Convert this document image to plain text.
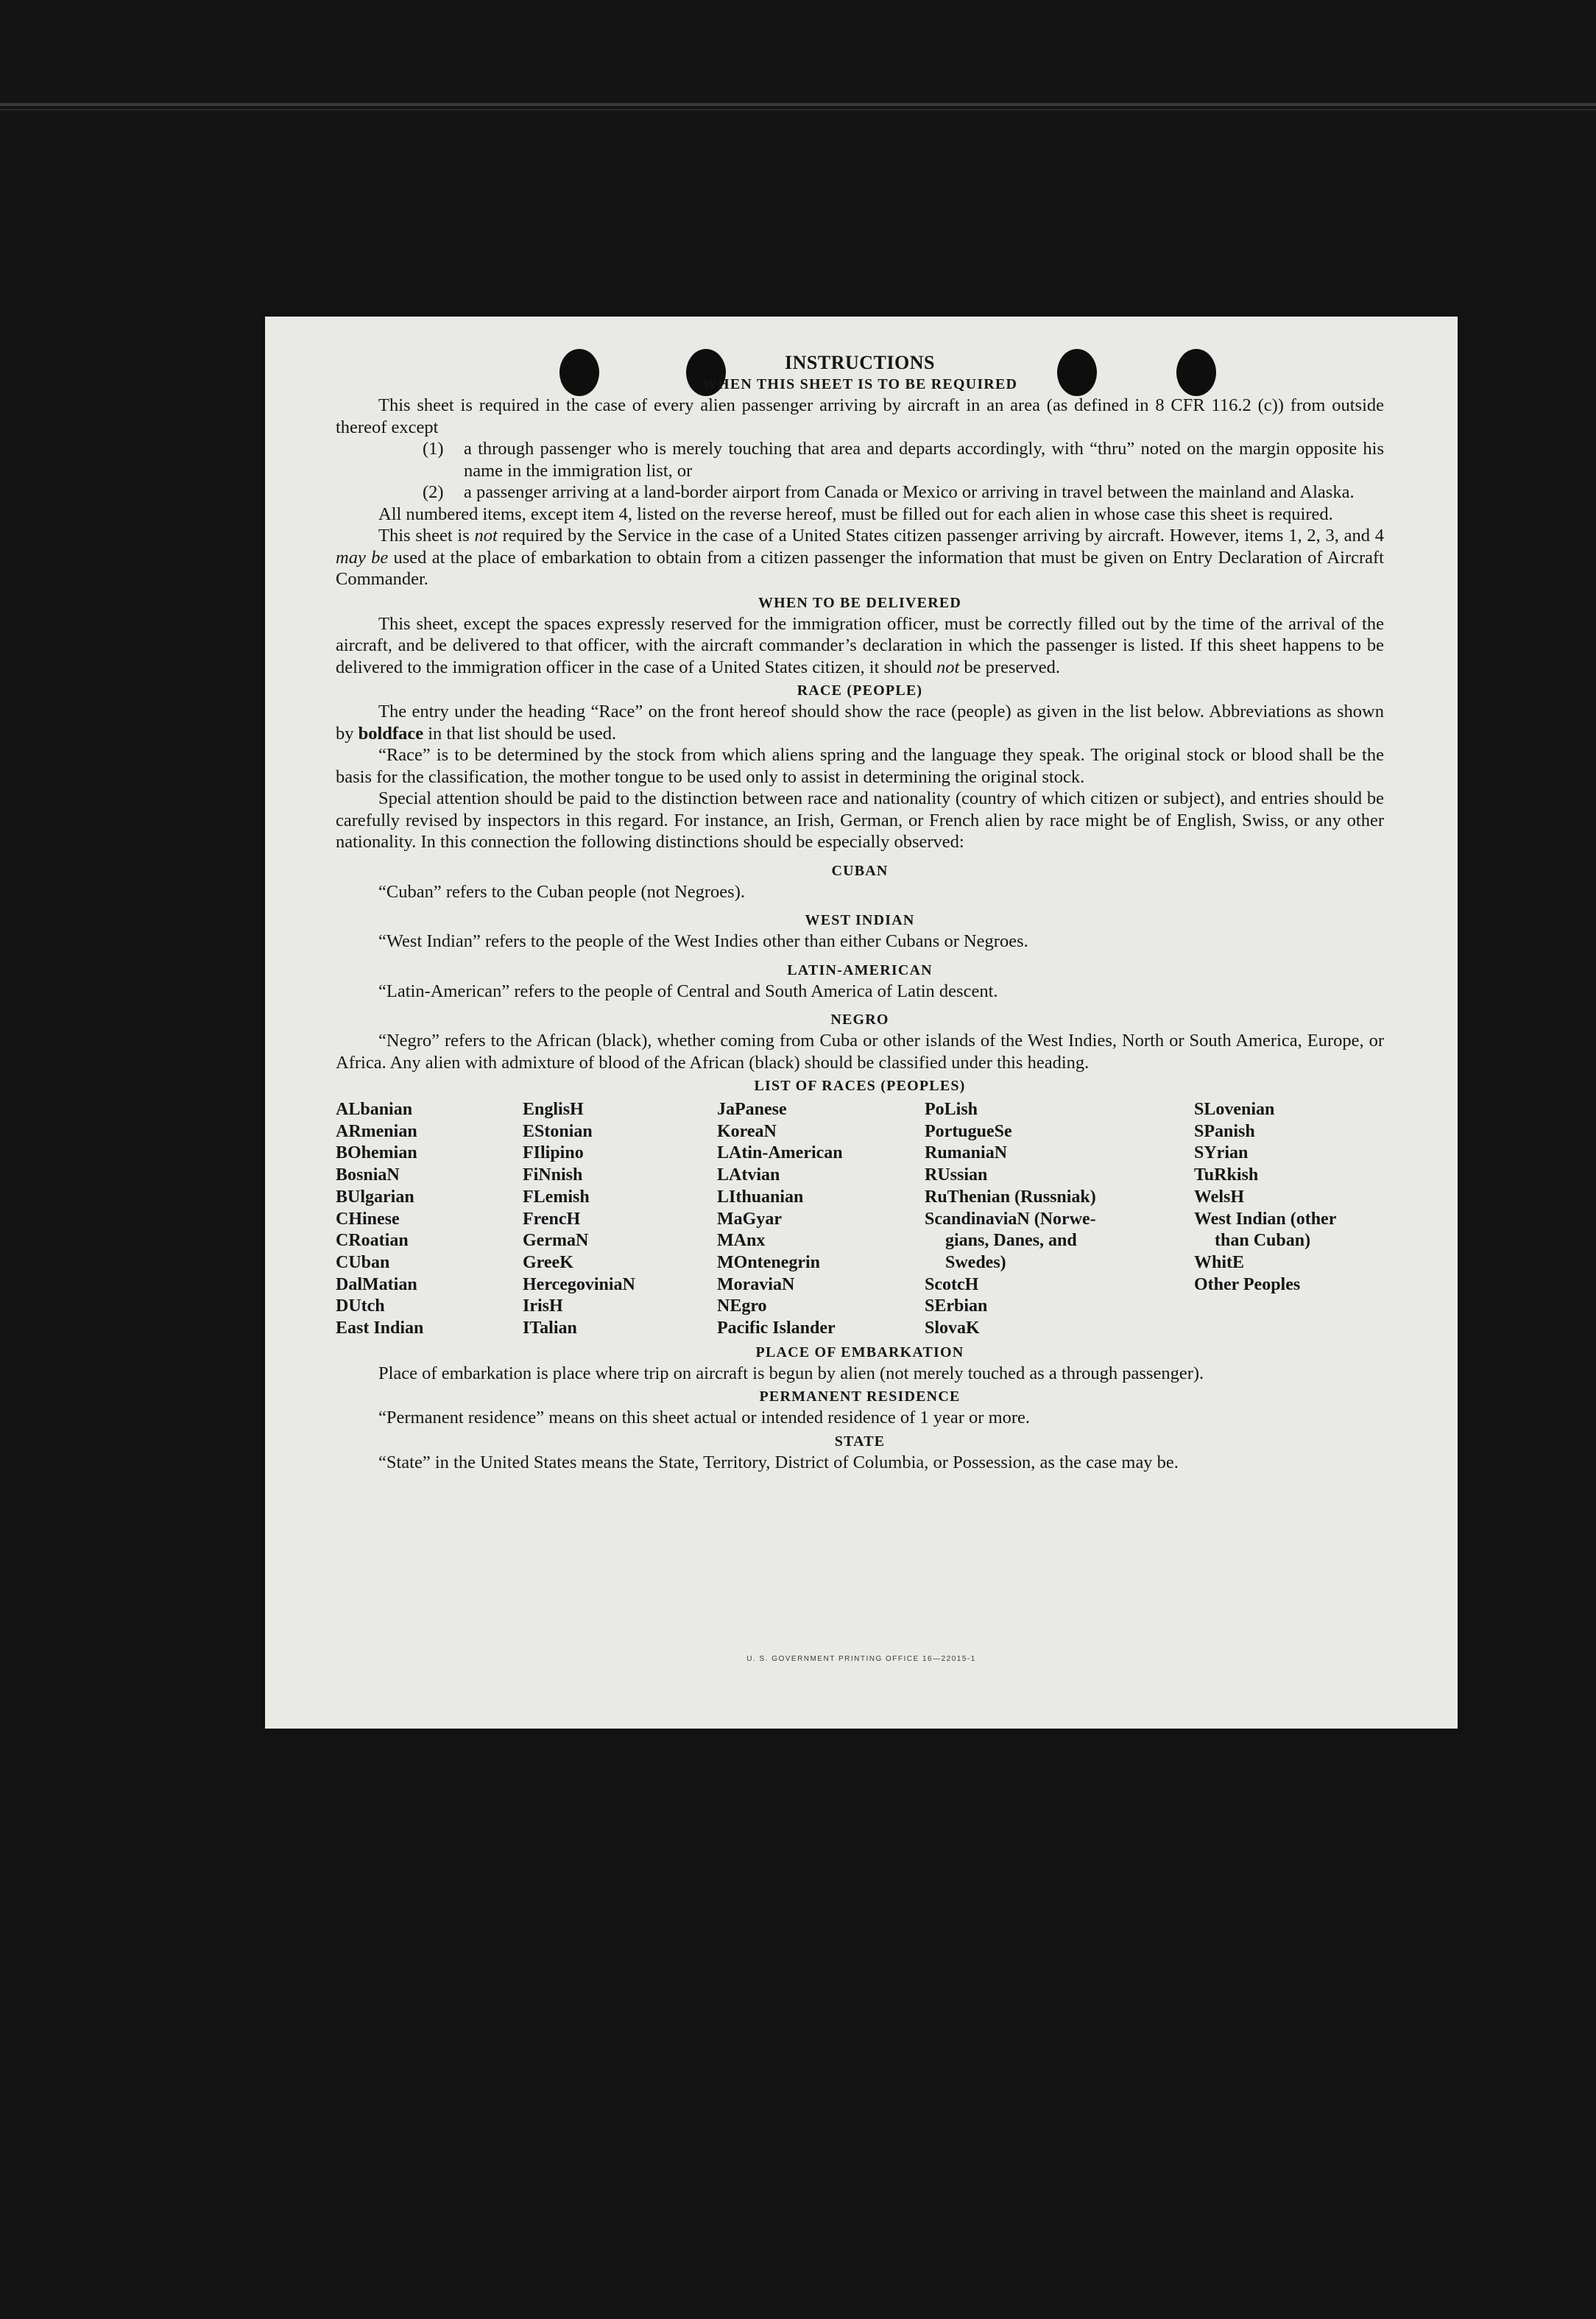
INSTRUCTIONS
WHEN THIS SHEET IS TO BE REQUIRED

This sheet is required in the case of every alien passenger arriving by aircraft in an area (as defined in 8 CFR 116.2 (c)) from outside thereof except

(1) a through passenger who is merely touching that area and departs accordingly, with “thru” noted on the margin opposite his name in the immigration list, or
(2) a passenger arriving at a land-border airport from Canada or Mexico or arriving in travel between the mainland and Alaska.

All numbered items, except item 4, listed on the reverse hereof, must be filled out for each alien in whose case this sheet is required.

This sheet is not required by the Service in the case of a United States citizen passenger arriving by aircraft. However, items 1, 2, 3, and 4 may be used at the place of embarkation to obtain from a citizen passenger the information that must be given on Entry Declaration of Aircraft Commander.

WHEN TO BE DELIVERED

This sheet, except the spaces expressly reserved for the immigration officer, must be correctly filled out by the time of the arrival of the aircraft, and be delivered to that officer, with the aircraft commander’s declaration in which the passenger is listed. If this sheet happens to be delivered to the immigration officer in the case of a United States citizen, it should not be preserved.

RACE (PEOPLE)

The entry under the heading “Race” on the front hereof should show the race (people) as given in the list below. Abbreviations as shown by boldface in that list should be used.

“Race” is to be determined by the stock from which aliens spring and the language they speak. The original stock or blood shall be the basis for the classification, the mother tongue to be used only to assist in determining the original stock.

Special attention should be paid to the distinction between race and nationality (country of which citizen or subject), and entries should be carefully revised by inspectors in this regard. For instance, an Irish, German, or French alien by race might be of English, Swiss, or any other nationality. In this connection the following distinctions should be especially observed:

CUBAN

“Cuban” refers to the Cuban people (not Negroes).

WEST INDIAN

“West Indian” refers to the people of the West Indies other than either Cubans or Negroes.

LATIN-AMERICAN

“Latin-American” refers to the people of Central and South America of Latin descent.

NEGRO

“Negro” refers to the African (black), whether coming from Cuba or other islands of the West Indies, North or South America, Europe, or Africa. Any alien with admixture of blood of the African (black) should be classified under this heading.

LIST OF RACES (PEOPLES)
ALbanian
ARmenian
BOhemian
BosniaN
BUlgarian
CHinese
CRoatian
CUban
DalMatian
DUtch
East Indian
EnglisH
EStonian
FIlipino
FiNnish
FLemish
FrencH
GermaN
GreeK
HercegoviniaN
IrisH
ITalian
JaPanese
KoreaN
LAtin-American
LAtvian
LIthuanian
MaGyar
MAnx
MOntenegrin
MoraviaN
NEgro
Pacific Islander
PoLish
PortugueSe
RumaniaN
RUssian
RuThenian (Russniak)
ScandinaviaN (Norwe-
gians, Danes, and
Swedes)
ScotcH
SErbian
SlovaK
SLovenian
SPanish
SYrian
TuRkish
WelsH
West Indian (other
than Cuban)
WhitE
Other Peoples
PLACE OF EMBARKATION

Place of embarkation is place where trip on aircraft is begun by alien (not merely touched as a through passenger).

PERMANENT RESIDENCE

“Permanent residence” means on this sheet actual or intended residence of 1 year or more.

STATE

“State” in the United States means the State, Territory, District of Columbia, or Possession, as the case may be.

U. S. GOVERNMENT PRINTING OFFICE 16—22015-1
